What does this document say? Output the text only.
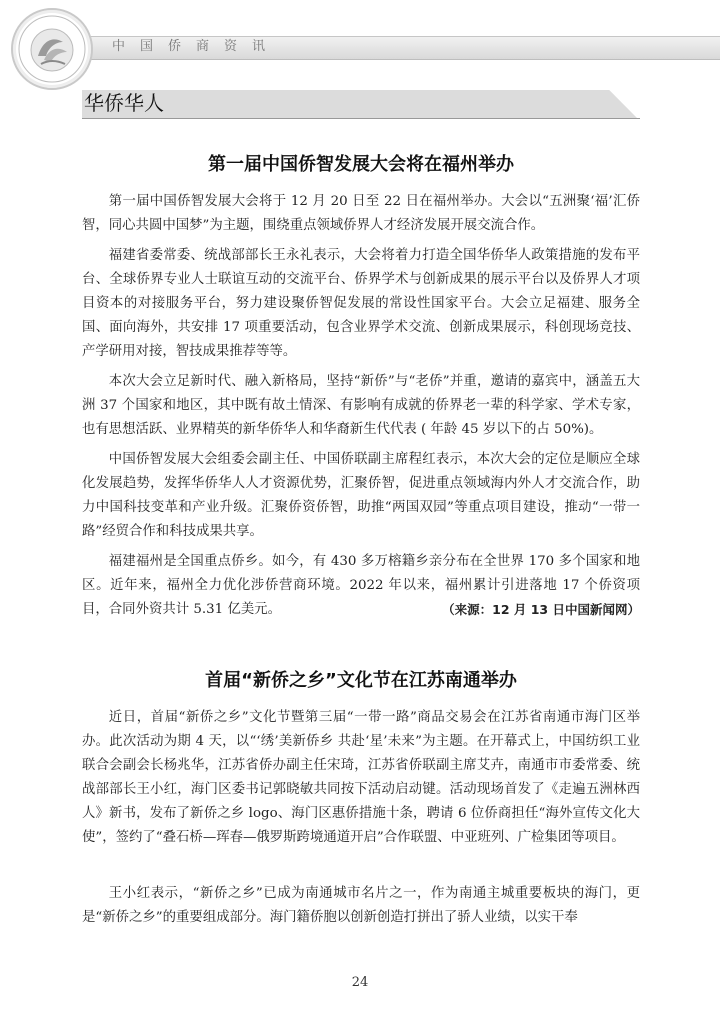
中国侨商资讯
华侨华人
第一届中国侨智发展大会将在福州举办

第一届中国侨智发展大会将于 12 月 20 日至 22 日在福州举办。大会以“五洲聚‘福’汇侨智，同心共圆中国梦”为主题，围绕重点领域侨界人才经济发展开展交流合作。

福建省委常委、统战部部长王永礼表示，大会将着力打造全国华侨华人政策措施的发布平台、全球侨界专业人士联谊互动的交流平台、侨界学术与创新成果的展示平台以及侨界人才项目资本的对接服务平台，努力建设聚侨智促发展的常设性国家平台。大会立足福建、服务全国、面向海外，共安排 17 项重要活动，包含业界学术交流、创新成果展示，科创现场竞技、产学研用对接，智技成果推荐等等。

本次大会立足新时代、融入新格局，坚持“新侨”与“老侨”并重，邀请的嘉宾中，涵盖五大洲 37 个国家和地区，其中既有故土情深、有影响有成就的侨界老一辈的科学家、学术专家，也有思想活跃、业界精英的新华侨华人和华裔新生代代表 ( 年龄 45 岁以下的占 50%)。

中国侨智发展大会组委会副主任、中国侨联副主席程红表示，本次大会的定位是顺应全球化发展趋势，发挥华侨华人人才资源优势，汇聚侨智，促进重点领域海内外人才交流合作，助力中国科技变革和产业升级。汇聚侨资侨智，助推“两国双园”等重点项目建设，推动“一带一路”经贸合作和科技成果共享。

福建福州是全国重点侨乡。如今，有 430 多万榕籍乡亲分布在全世界 170 多个国家和地区。近年来，福州全力优化涉侨营商环境。2022 年以来，福州累计引进落地 17 个侨资项目，合同外资共计 5.31 亿美元。	（来源：12 月 13 日中国新闻网）

首届“新侨之乡”文化节在江苏南通举办

近日，首届“新侨之乡”文化节暨第三届“一带一路”商品交易会在江苏省南通市海门区举办。此次活动为期 4 天，以“‘绣’美新侨乡 共赴‘星’未来”为主题。在开幕式上，中国纺织工业联合会副会长杨兆华，江苏省侨办副主任宋琦，江苏省侨联副主席艾卉，南通市市委常委、统战部部长王小红，海门区委书记郭晓敏共同按下活动启动键。活动现场首发了《走遍五洲林西人》新书，发布了新侨之乡 logo、海门区惠侨措施十条，聘请 6 位侨商担任“海外宣传文化大使”，签约了“叠石桥—珲春—俄罗斯跨境通道开启”合作联盟、中亚班列、广检集团等项目。

王小红表示，“新侨之乡”已成为南通城市名片之一，作为南通主城重要板块的海门，更是“新侨之乡”的重要组成部分。海门籍侨胞以创新创造打拼出了骄人业绩，以实干奉

24
